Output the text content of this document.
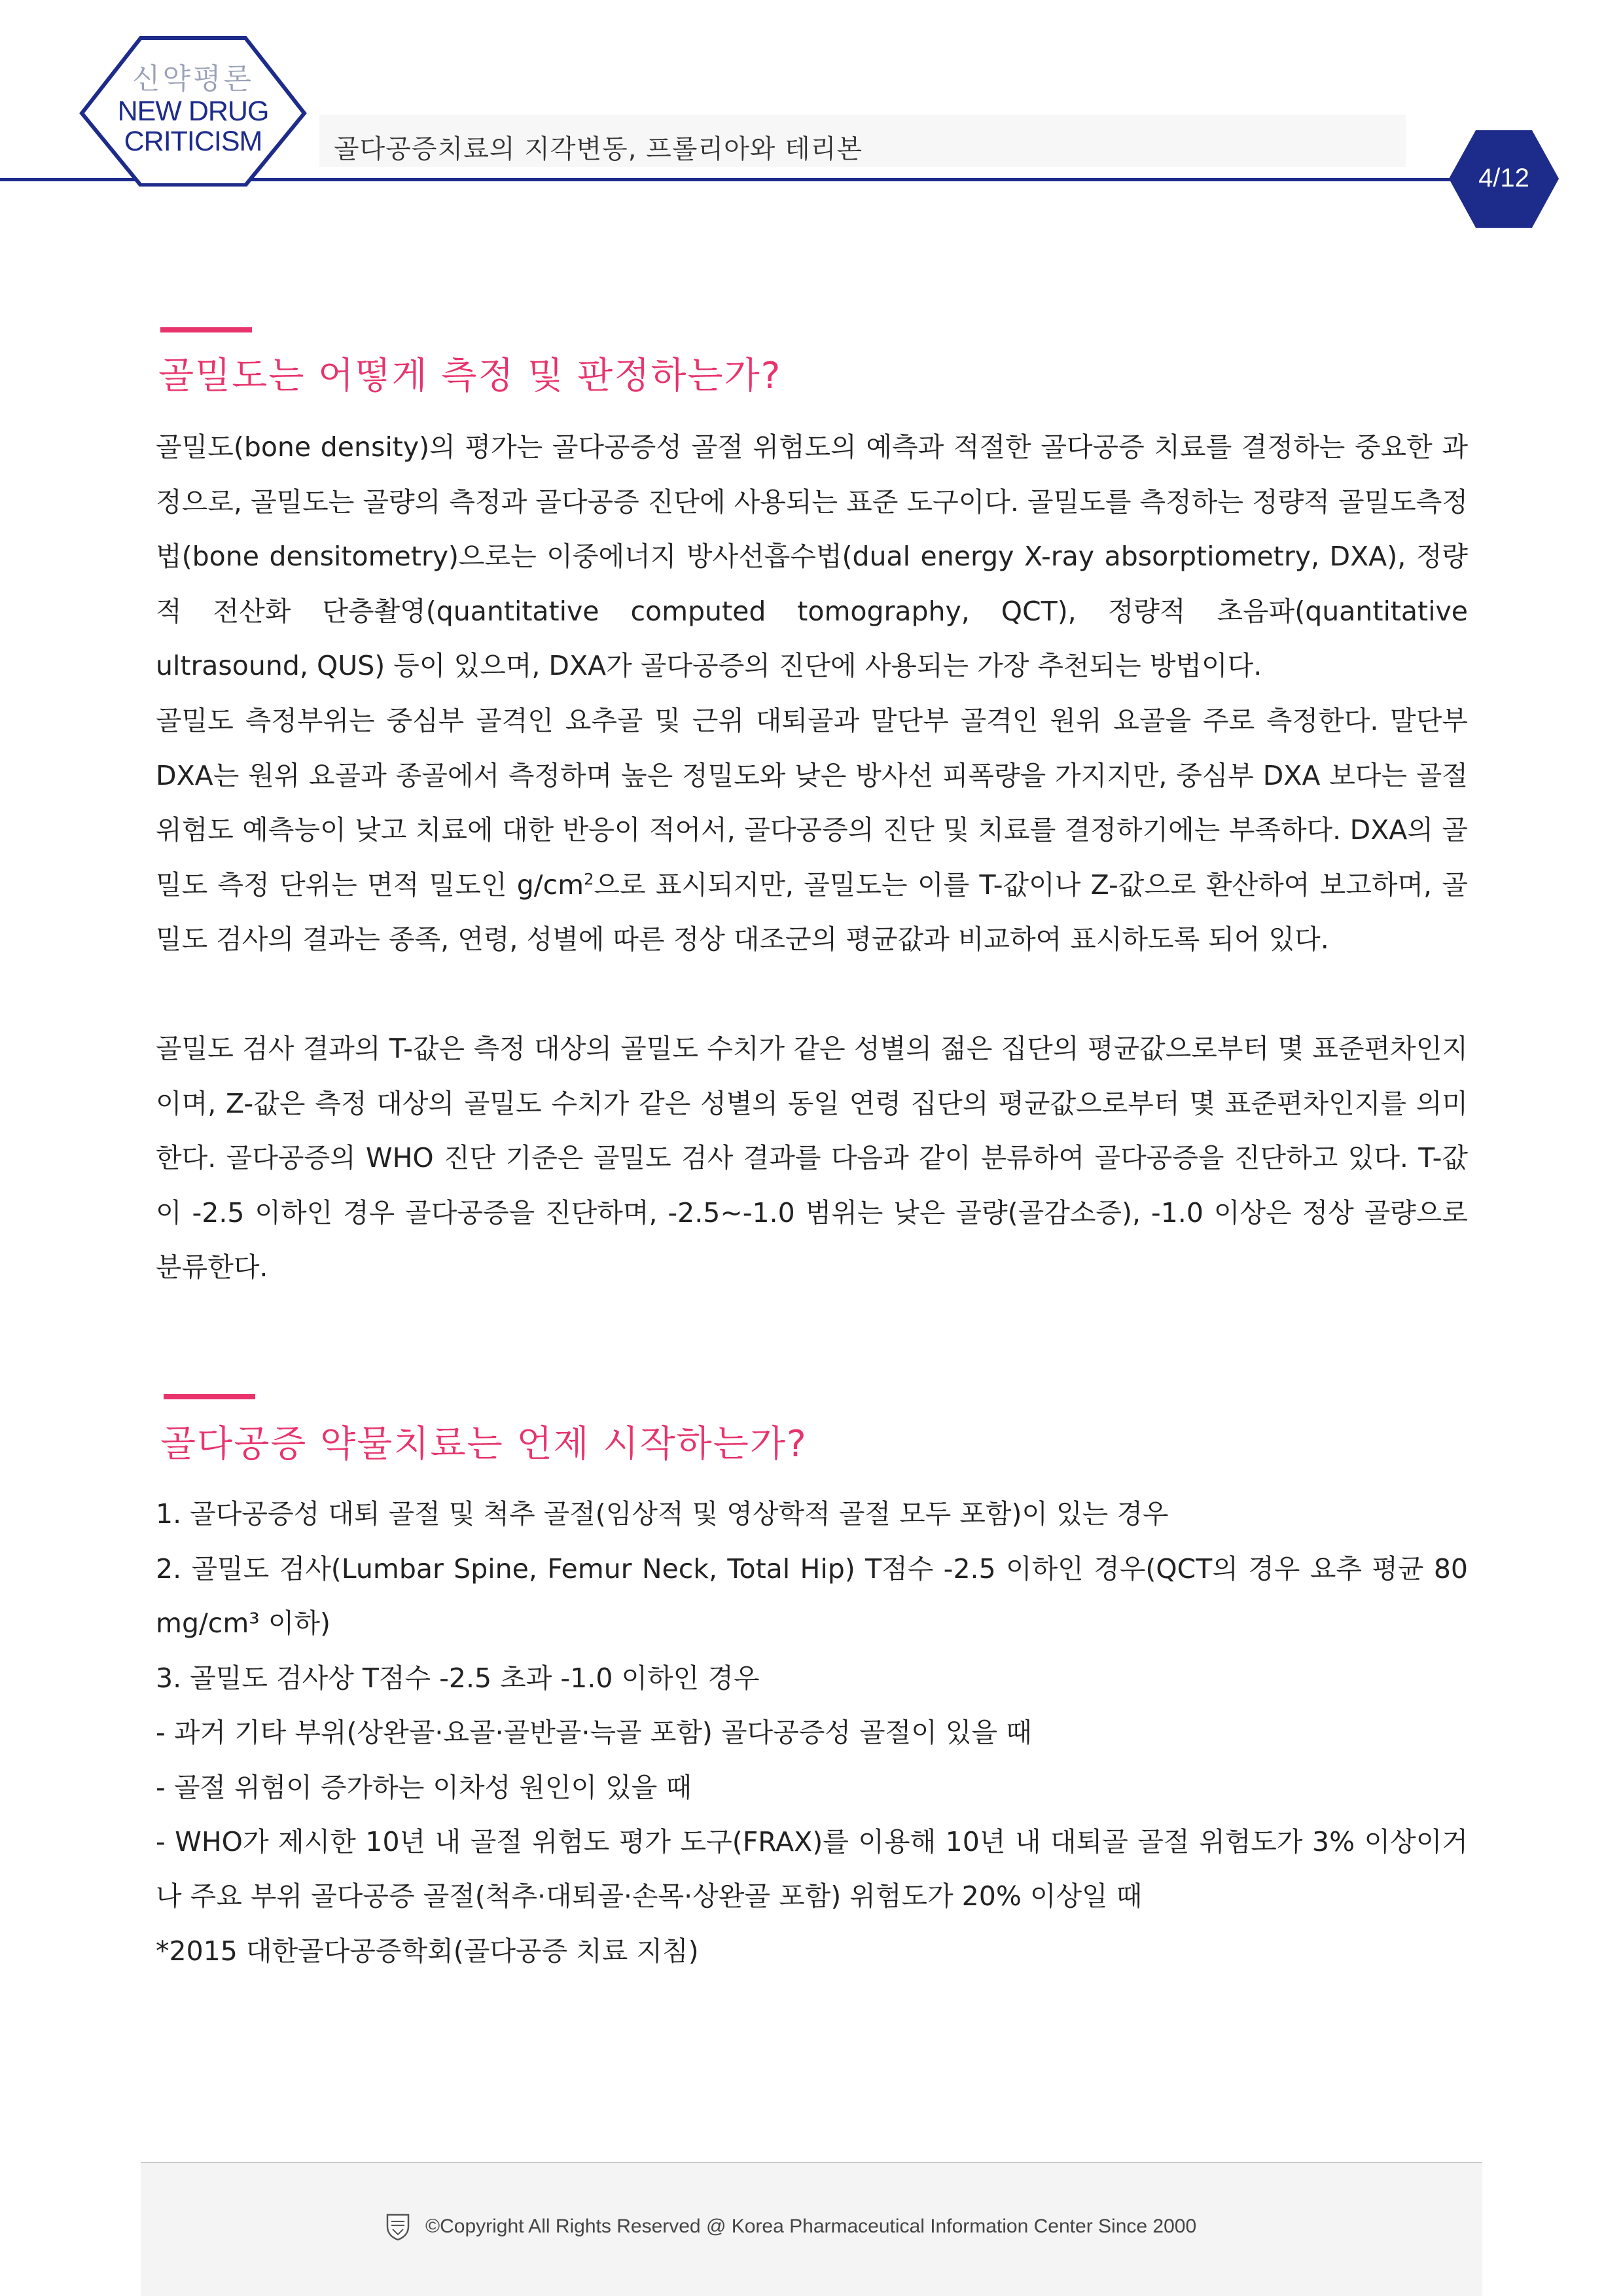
신약평론
NEW DRUG
CRITICISM	골다공증치료의 지각변동, 프롤리아와 테리본
4/12
골밀도는 어떻게 측정 및 판정하는가?

골밀도(bone density)의 평가는 골다공증성 골절 위험도의 예측과 적절한 골다공증 치료를 결정하는 중요한 과정으로, 골밀도는 골량의 측정과 골다공증 진단에 사용되는 표준 도구이다. 골밀도를 측정하는 정량적 골밀도측정법(bone densitometry)으로는 이중에너지 방사선흡수법(dual energy X-ray absorptiometry, DXA), 정량적 전산화 단층촬영(quantitative computed tomography, QCT), 정량적 초음파(quantitative ultrasound, QUS) 등이 있으며, DXA가 골다공증의 진단에 사용되는 가장 추천되는 방법이다.

골밀도 측정부위는 중심부 골격인 요추골 및 근위 대퇴골과 말단부 골격인 원위 요골을 주로 측정한다. 말단부 DXA는 원위 요골과 종골에서 측정하며 높은 정밀도와 낮은 방사선 피폭량을 가지지만, 중심부 DXA 보다는 골절 위험도 예측능이 낮고 치료에 대한 반응이 적어서, 골다공증의 진단 및 치료를 결정하기에는 부족하다. DXA의 골밀도 측정 단위는 면적 밀도인 $g/cm^2$으로 표시되지만, 골밀도는 이를 T-값이나 Z-값으로 환산하여 보고하며, 골밀도 검사의 결과는 종족, 연령, 성별에 따른 정상 대조군의 평균값과 비교하여 표시하도록 되어 있다.

골밀도 검사 결과의 T-값은 측정 대상의 골밀도 수치가 같은 성별의 젊은 집단의 평균값으로부터 몇 표준편차인지이며, Z-값은 측정 대상의 골밀도 수치가 같은 성별의 동일 연령 집단의 평균값으로부터 몇 표준편차인지를 의미한다. 골다공증의 WHO 진단 기준은 골밀도 검사 결과를 다음과 같이 분류하여 골다공증을 진단하고 있다. T-값이 -2.5 이하인 경우 골다공증을 진단하며, -2.5∼-1.0 범위는 낮은 골량(골감소증), -1.0 이상은 정상 골량으로 분류한다.

골다공증 약물치료는 언제 시작하는가?

1. 골다공증성 대퇴 골절 및 척추 골절(임상적 및 영상학적 골절 모두 포함)이 있는 경우

2. 골밀도 검사(Lumbar Spine, Femur Neck, Total Hip) T점수 -2.5 이하인 경우(QCT의 경우 요추 평균 80 mg/cm³ 이하)

3. 골밀도 검사상 T점수 -2.5 초과 -1.0 이하인 경우

- 과거 기타 부위(상완골·요골·골반골·늑골 포함) 골다공증성 골절이 있을 때

- 골절 위험이 증가하는 이차성 원인이 있을 때

- WHO가 제시한 10년 내 골절 위험도 평가 도구(FRAX)를 이용해 10년 내 대퇴골 골절 위험도가 3% 이상이거나 주요 부위 골다공증 골절(척추·대퇴골·손목·상완골 포함) 위험도가 20% 이상일 때

*2015 대한골다공증학회(골다공증 치료 지침)

©Copyright All Rights Reserved @ Korea Pharmaceutical Information Center Since 2000
